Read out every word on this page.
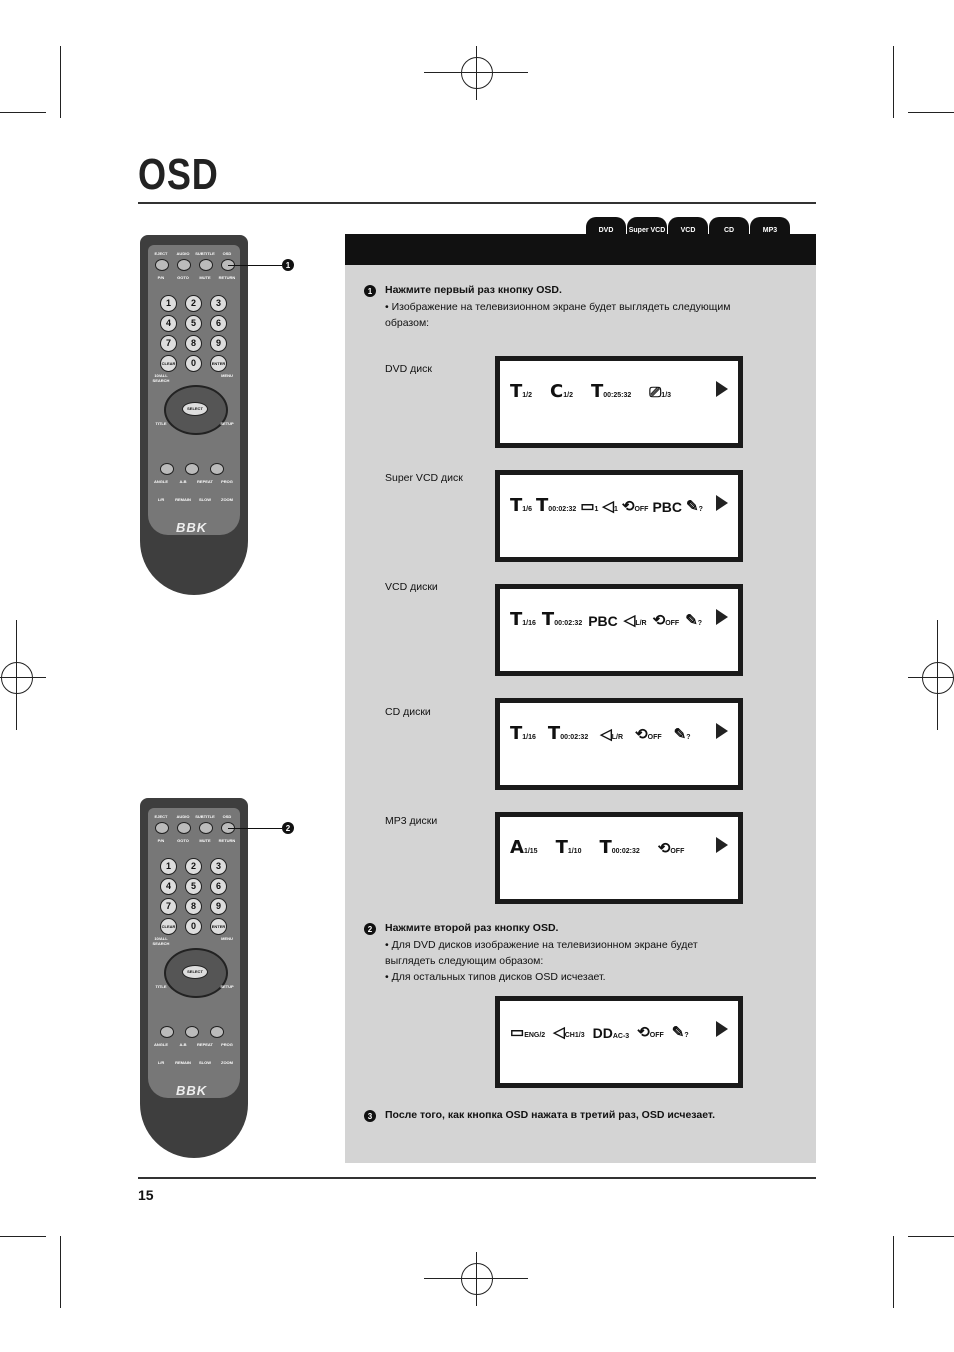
OSD
DVD	Super VCD	VCD	CD	MP3
1	Нажмите первый раз кнопку OSD.
• Изображение на телевизионном экране будет выглядеть следующим
образом:
DVD диск
T1/2 C1/2 T00:25:32 ⎚1/3
Super VCD диск
T1/6 T00:02:32 ▭1 ◁1 ⟲OFF PBC ✎?
VCD диски
T1/16 T00:02:32 PBC ◁L/R ⟲OFF ✎?
CD диски
T1/16 T00:02:32 ◁L/R ⟲OFF ✎?
MP3 диски
A1/15 T1/10 T00:02:32 ⟲OFF
2	Нажмите второй раз кнопку OSD.
• Для DVD дисков изображение на телевизионном экране будет
выглядеть следующим образом:
• Для остальных типов дисков OSD исчезает.
▭ENG/2 ◁CH1/3 DDAC-3 ⟲OFF ✎?
3	После того, как кнопка OSD нажата в третий раз, OSD исчезает.
EJECT	AUDIO	SUBTITLE	OSD
P/N	GOTO	MUTE	RETURN
1	2	3
4	5	6
7	8	9
CLEAR	0	ENTER
10/ALL SEARCH
MENU
SELECT
TITLE	SETUP
ANGLE	A-B	REPEAT	PROG
L/R	REMAIN	SLOW	ZOOM
BBK
1
EJECT	AUDIO	SUBTITLE	OSD
P/N	GOTO	MUTE	RETURN
1	2	3
4	5	6
7	8	9
CLEAR	0	ENTER
10/ALL SEARCH
MENU
SELECT
TITLE	SETUP
ANGLE	A-B	REPEAT	PROG
L/R	REMAIN	SLOW	ZOOM
BBK
2
15
